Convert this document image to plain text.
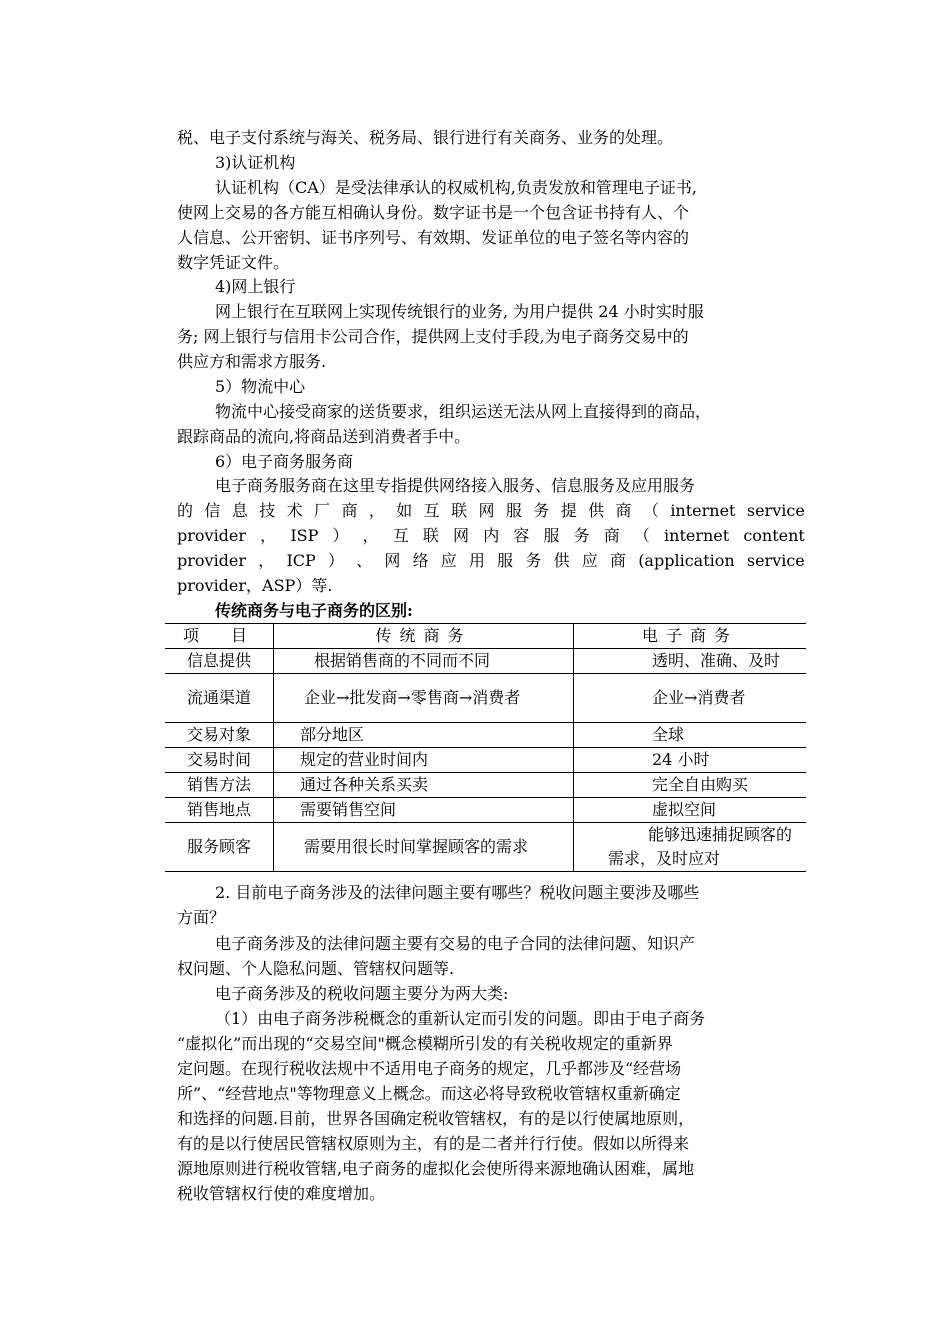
税、电子支付系统与海关、税务局、银行进行有关商务、业务的处理。
3)认证机构
认证机构（CA）是受法律承认的权威机构,负责发放和管理电子证书,
使网上交易的各方能互相确认身份。数字证书是一个包含证书持有人、个
人信息、公开密钥、证书序列号、有效期、发证单位的电子签名等内容的
数字凭证文件。
4)网上银行
网上银行在互联网上实现传统银行的业务, 为用户提供 24 小时实时服
务; 网上银行与信用卡公司合作，提供网上支付手段,为电子商务交易中的
供应方和需求方服务.
5）物流中心
物流中心接受商家的送货要求，组织运送无法从网上直接得到的商品，
跟踪商品的流向,将商品送到消费者手中。
6）电子商务服务商
电子商务服务商在这里专指提供网络接入服务、信息服务及应用服务
的 信 息 技 术 厂 商 ， 如 互 联 网 服 务 提 供 商 （ internet service
provider ， ISP ） ， 互 联 网 内 容 服 务 商 （ internet content
provider ， ICP ） 、 网 络 应 用 服 务 供 应 商 (application service
provider，ASP）等.
传统商务与电子商务的区别:
项　目	传统商务	电子商务
信息提供	根据销售商的不同而不同	透明、准确、及时
流通渠道	企业→批发商→零售商→消费者	企业→消费者
交易对象	部分地区	全球
交易时间	规定的营业时间内	24 小时
销售方法	通过各种关系买卖	完全自由购买
销售地点	需要销售空间	虚拟空间
服务顾客	需要用很长时间掌握顾客的需求	能够迅速捕捉顾客的需求，及时应对
2. 目前电子商务涉及的法律问题主要有哪些？税收问题主要涉及哪些
方面？
电子商务涉及的法律问题主要有交易的电子合同的法律问题、知识产
权问题、个人隐私问题、管辖权问题等.
电子商务涉及的税收问题主要分为两大类:
（1）由电子商务涉税概念的重新认定而引发的问题。即由于电子商务
“虚拟化”而出现的“交易空间"概念模糊所引发的有关税收规定的重新界
定问题。在现行税收法规中不适用电子商务的规定，几乎都涉及“经营场
所”、“经营地点"等物理意义上概念。而这必将导致税收管辖权重新确定
和选择的问题.目前，世界各国确定税收管辖权，有的是以行使属地原则，
有的是以行使居民管辖权原则为主，有的是二者并行行使。假如以所得来
源地原则进行税收管辖,电子商务的虚拟化会使所得来源地确认困难，属地
税收管辖权行使的难度增加。
